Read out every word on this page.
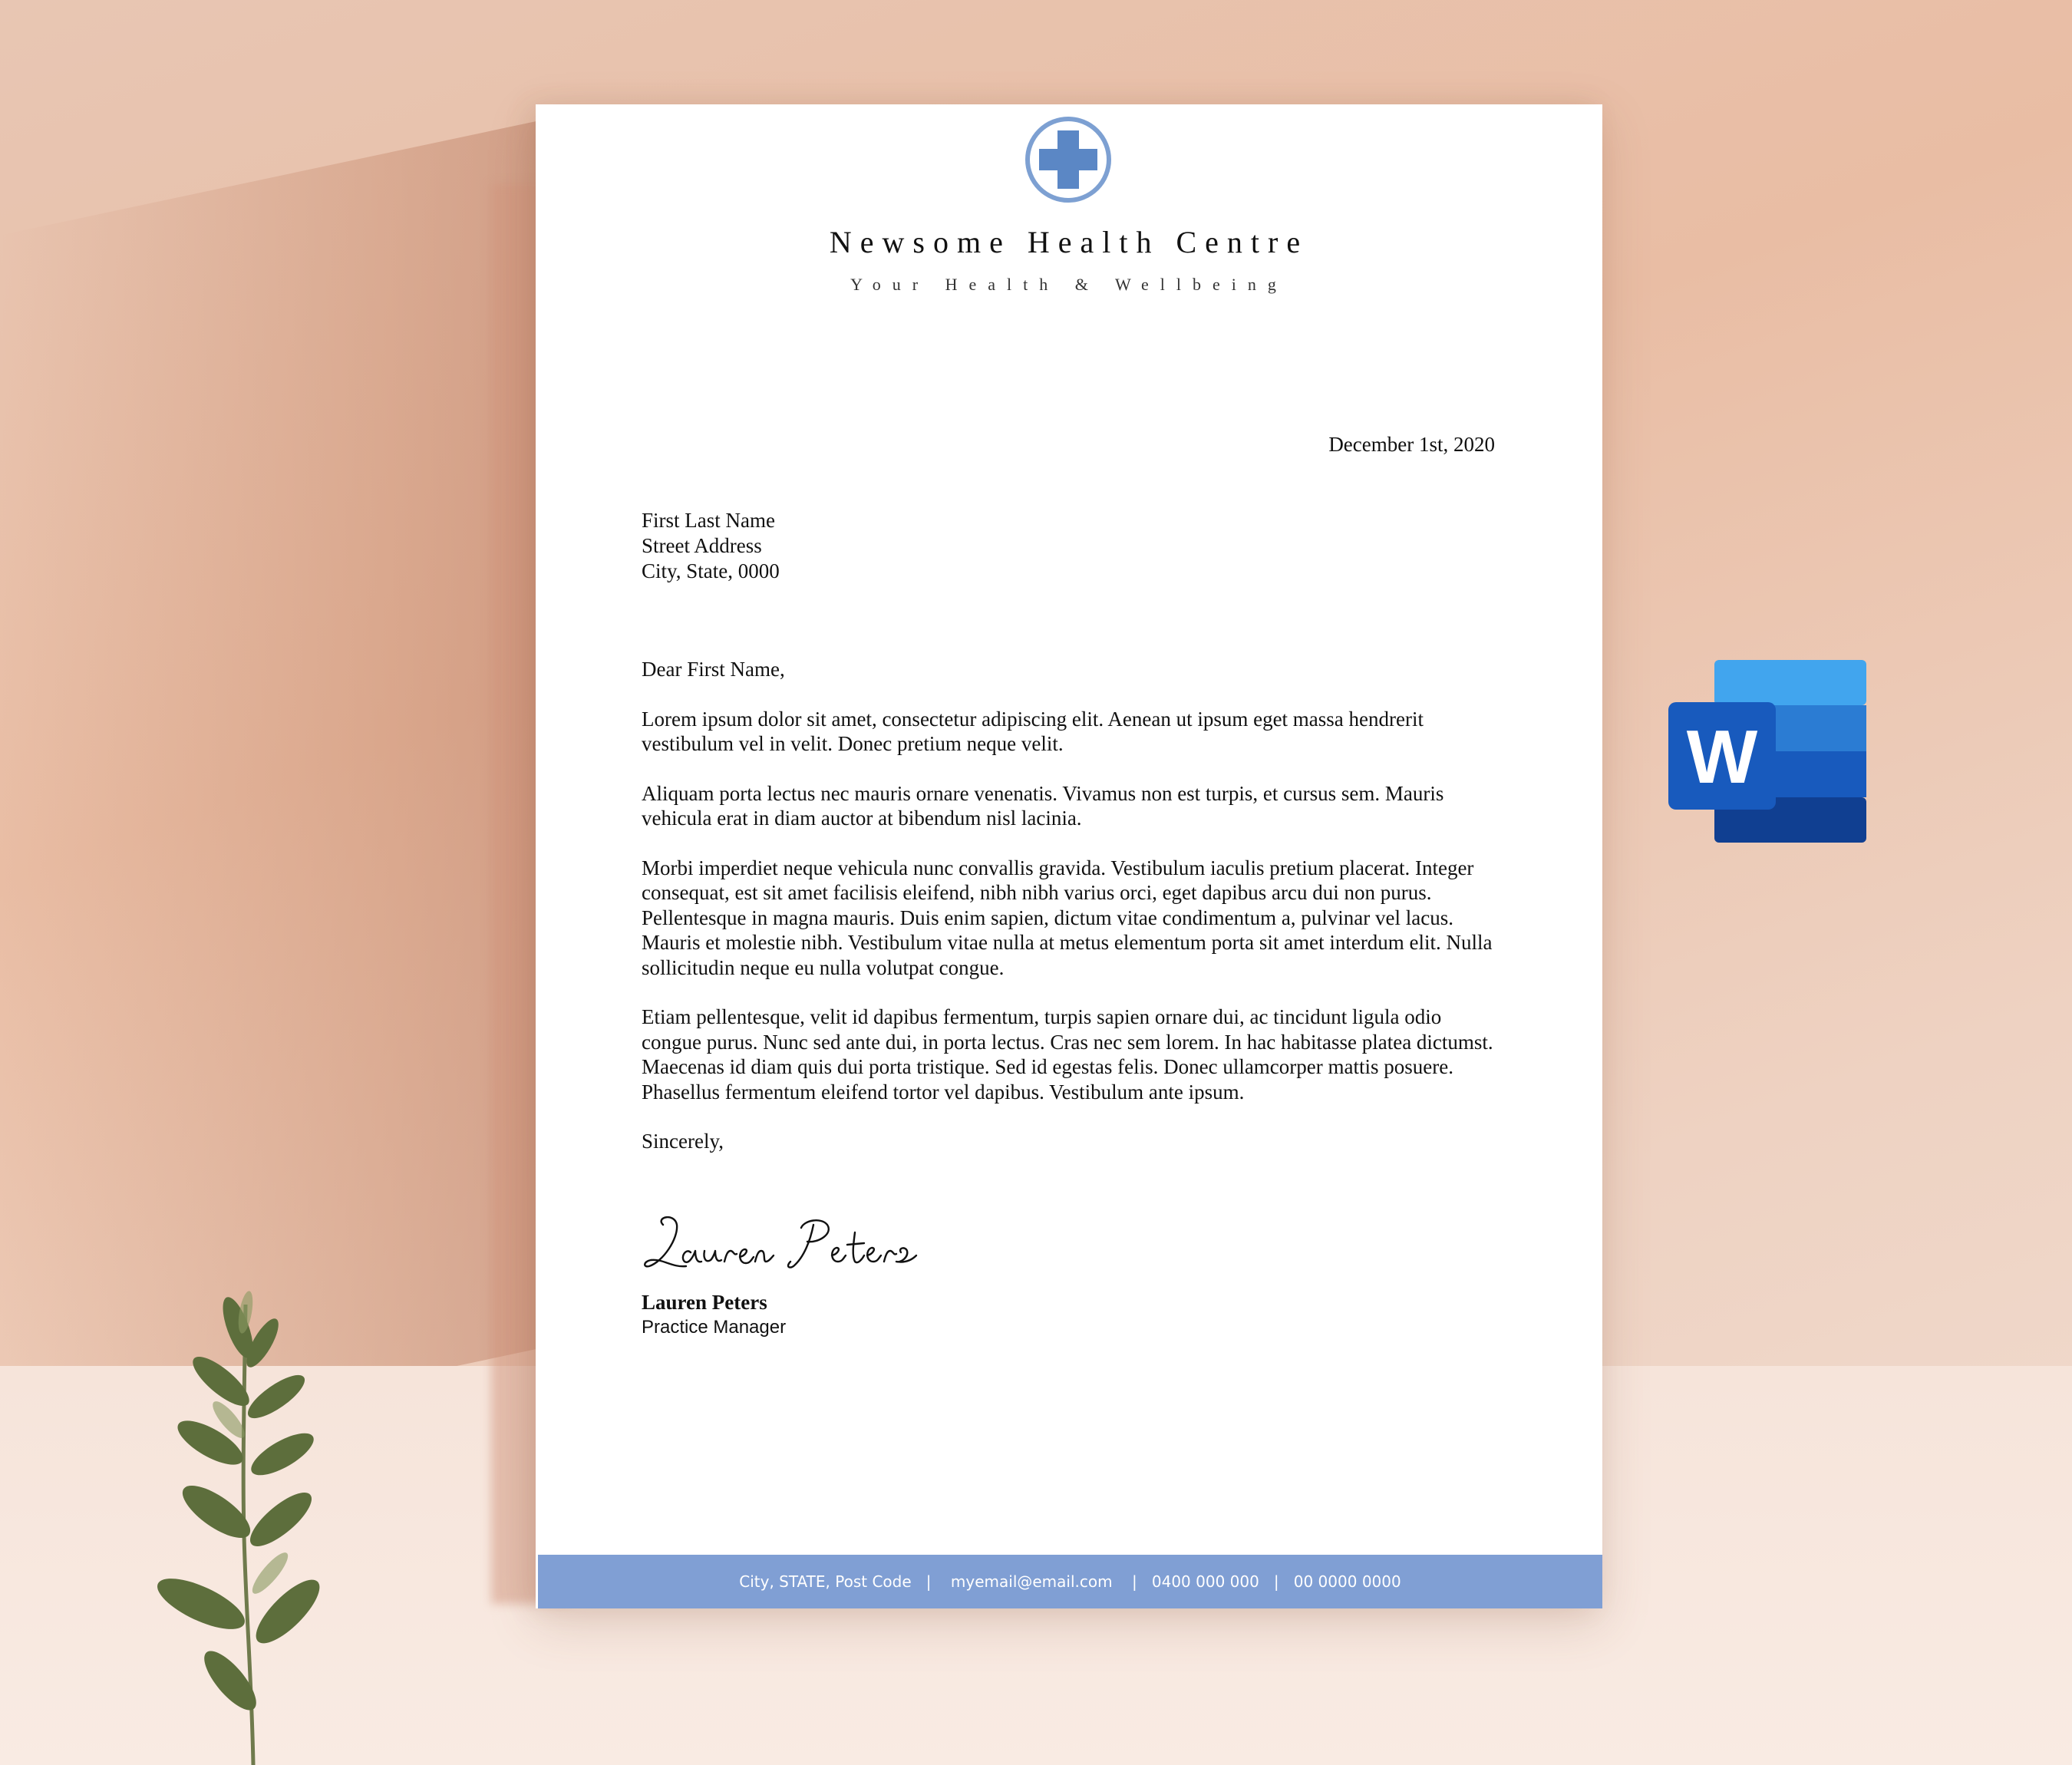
Newsome Health Centre
Your Health & Wellbeing
December 1st, 2020
First Last Name
Street Address
City, State, 0000

Dear First Name,

Lorem ipsum dolor sit amet, consectetur adipiscing elit. Aenean ut ipsum eget massa hendrerit vestibulum vel in velit. Donec pretium neque velit.

Aliquam porta lectus nec mauris ornare venenatis. Vivamus non est turpis, et cursus sem. Mauris vehicula erat in diam auctor at bibendum nisl lacinia.

Morbi imperdiet neque vehicula nunc convallis gravida. Vestibulum iaculis pretium placerat. Integer consequat, est sit amet facilisis eleifend, nibh nibh varius orci, eget dapibus arcu dui non purus. Pellentesque in magna mauris. Duis enim sapien, dictum vitae condimentum a, pulvinar vel lacus. Mauris et molestie nibh. Vestibulum vitae nulla at metus elementum porta sit amet interdum elit. Nulla sollicitudin neque eu nulla volutpat congue.

Etiam pellentesque, velit id dapibus fermentum, turpis sapien ornare dui, ac tincidunt ligula odio congue purus. Nunc sed ante dui, in porta lectus. Cras nec sem lorem. In hac habitasse platea dictumst. Maecenas id diam quis dui porta tristique. Sed id egestas felis. Donec ullamcorper mattis posuere. Phasellus fermentum eleifend tortor vel dapibus. Vestibulum ante ipsum.

Sincerely,

Lauren Peters
Practice Manager
City, STATE, Post Code
|
myemail@email.com
|
0400 000 000
|
00 0000 0000
W
